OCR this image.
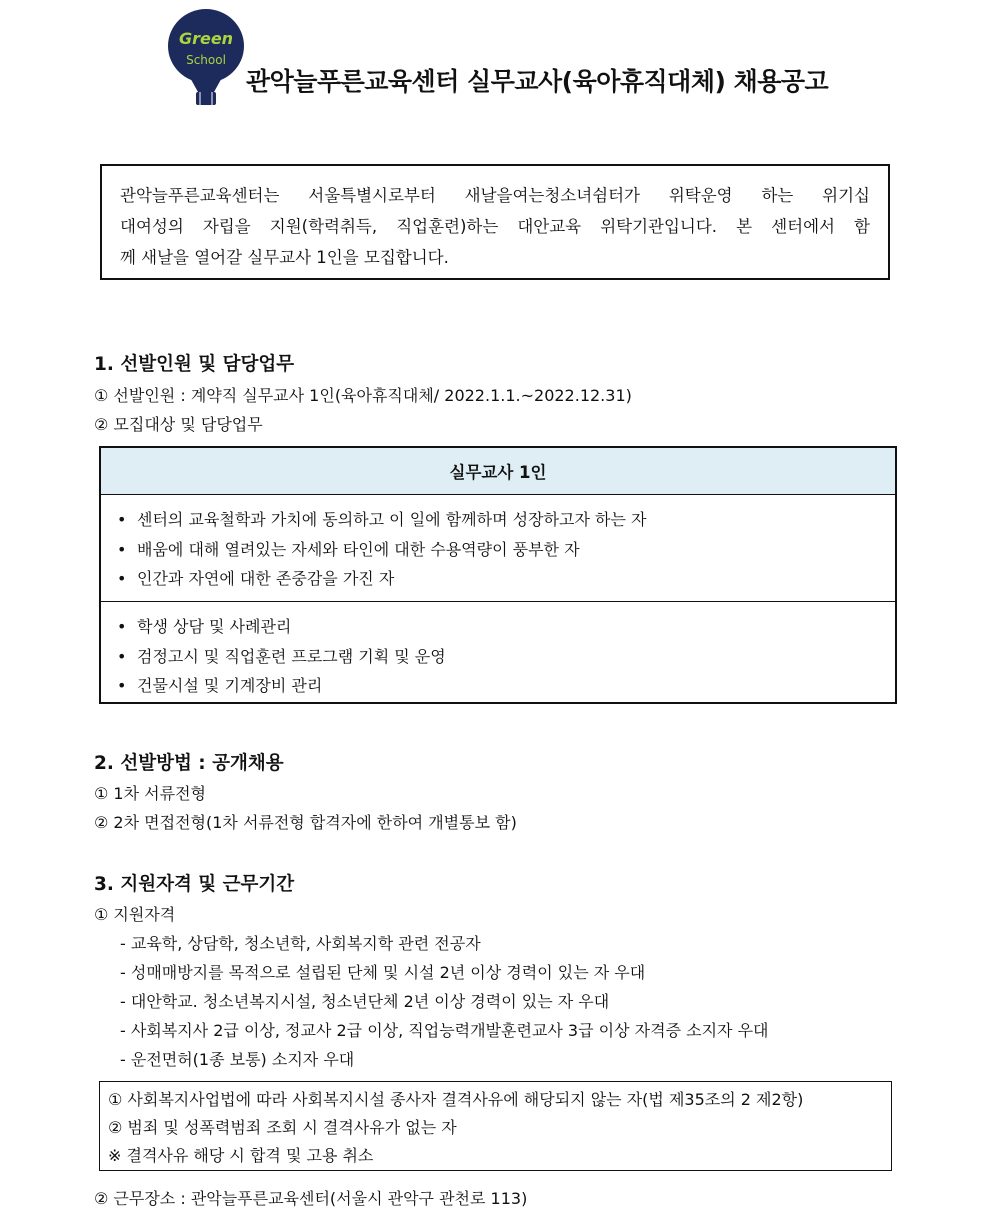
Green
School
관악늘푸른교육센터 실무교사(육아휴직대체) 채용공고
관악늘푸른교육센터는 서울특별시로부터 새날을여는청소녀쉼터가 위탁운영 하는 위기십
대여성의 자립을 지원(학력취득, 직업훈련)하는 대안교육 위탁기관입니다. 본 센터에서 함
께 새날을 열어갈 실무교사 1인을 모집합니다.
1. 선발인원 및 담당업무
① 선발인원 : 계약직 실무교사 1인(육아휴직대체/ 2022.1.1.~2022.12.31)
② 모집대상 및 담당업무
실무교사 1인
• 센터의 교육철학과 가치에 동의하고 이 일에 함께하며 성장하고자 하는 자
• 배움에 대해 열려있는 자세와 타인에 대한 수용역량이 풍부한 자
• 인간과 자연에 대한 존중감을 가진 자
• 학생 상담 및 사례관리
• 검정고시 및 직업훈련 프로그램 기획 및 운영
• 건물시설 및 기계장비 관리
2. 선발방법 : 공개채용
① 1차 서류전형
② 2차 면접전형(1차 서류전형 합격자에 한하여 개별통보 함)
3. 지원자격 및 근무기간
① 지원자격
- 교육학, 상담학, 청소년학, 사회복지학 관련 전공자
- 성매매방지를 목적으로 설립된 단체 및 시설 2년 이상 경력이 있는 자 우대
- 대안학교. 청소년복지시설, 청소년단체 2년 이상 경력이 있는 자 우대
- 사회복지사 2급 이상, 정교사 2급 이상, 직업능력개발훈련교사 3급 이상 자격증 소지자 우대
- 운전면허(1종 보통) 소지자 우대
① 사회복지사업법에 따라 사회복지시설 종사자 결격사유에 해당되지 않는 자(법 제35조의 2 제2항)
② 범죄 및 성폭력범죄 조회 시 결격사유가 없는 자
※ 결격사유 해당 시 합격 및 고용 취소
② 근무장소 : 관악늘푸른교육센터(서울시 관악구 관천로 113)
